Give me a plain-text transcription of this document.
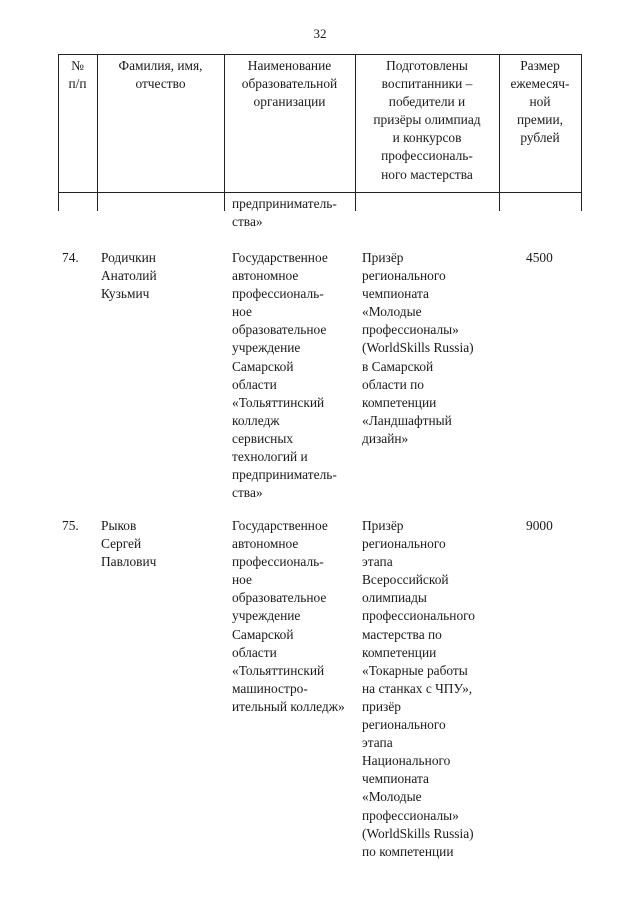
32
№
п/п
Фамилия, имя,
отчество
Наименование
образовательной
организации
Подготовлены
воспитанники –
победители и
призёры олимпиад
и конкурсов
профессиональ-
ного мастерства
Размер
ежемесяч-
ной
премии,
рублей
предприниматель-
ства»
74. Родичкин
Анатолий
Кузьмич
Государственное
автономное
профессиональ-
ное
образовательное
учреждение
Самарской
области
«Тольяттинский
колледж
сервисных
технологий и
предприниматель-
ства»
Призёр
регионального
чемпионата
«Молодые
профессионалы»
(WorldSkills Russia)
в Самарской
области по
компетенции
«Ландшафтный
дизайн»
4500
75. Рыков
Сергей
Павлович
Государственное
автономное
профессиональ-
ное
образовательное
учреждение
Самарской
области
«Тольяттинский
машиностро-
ительный колледж»
Призёр
регионального
этапа
Всероссийской
олимпиады
профессионального
мастерства по
компетенции
«Токарные работы
на станках с ЧПУ»,
призёр
регионального
этапа
Национального
чемпионата
«Молодые
профессионалы»
(WorldSkills Russia)
по компетенции
9000
